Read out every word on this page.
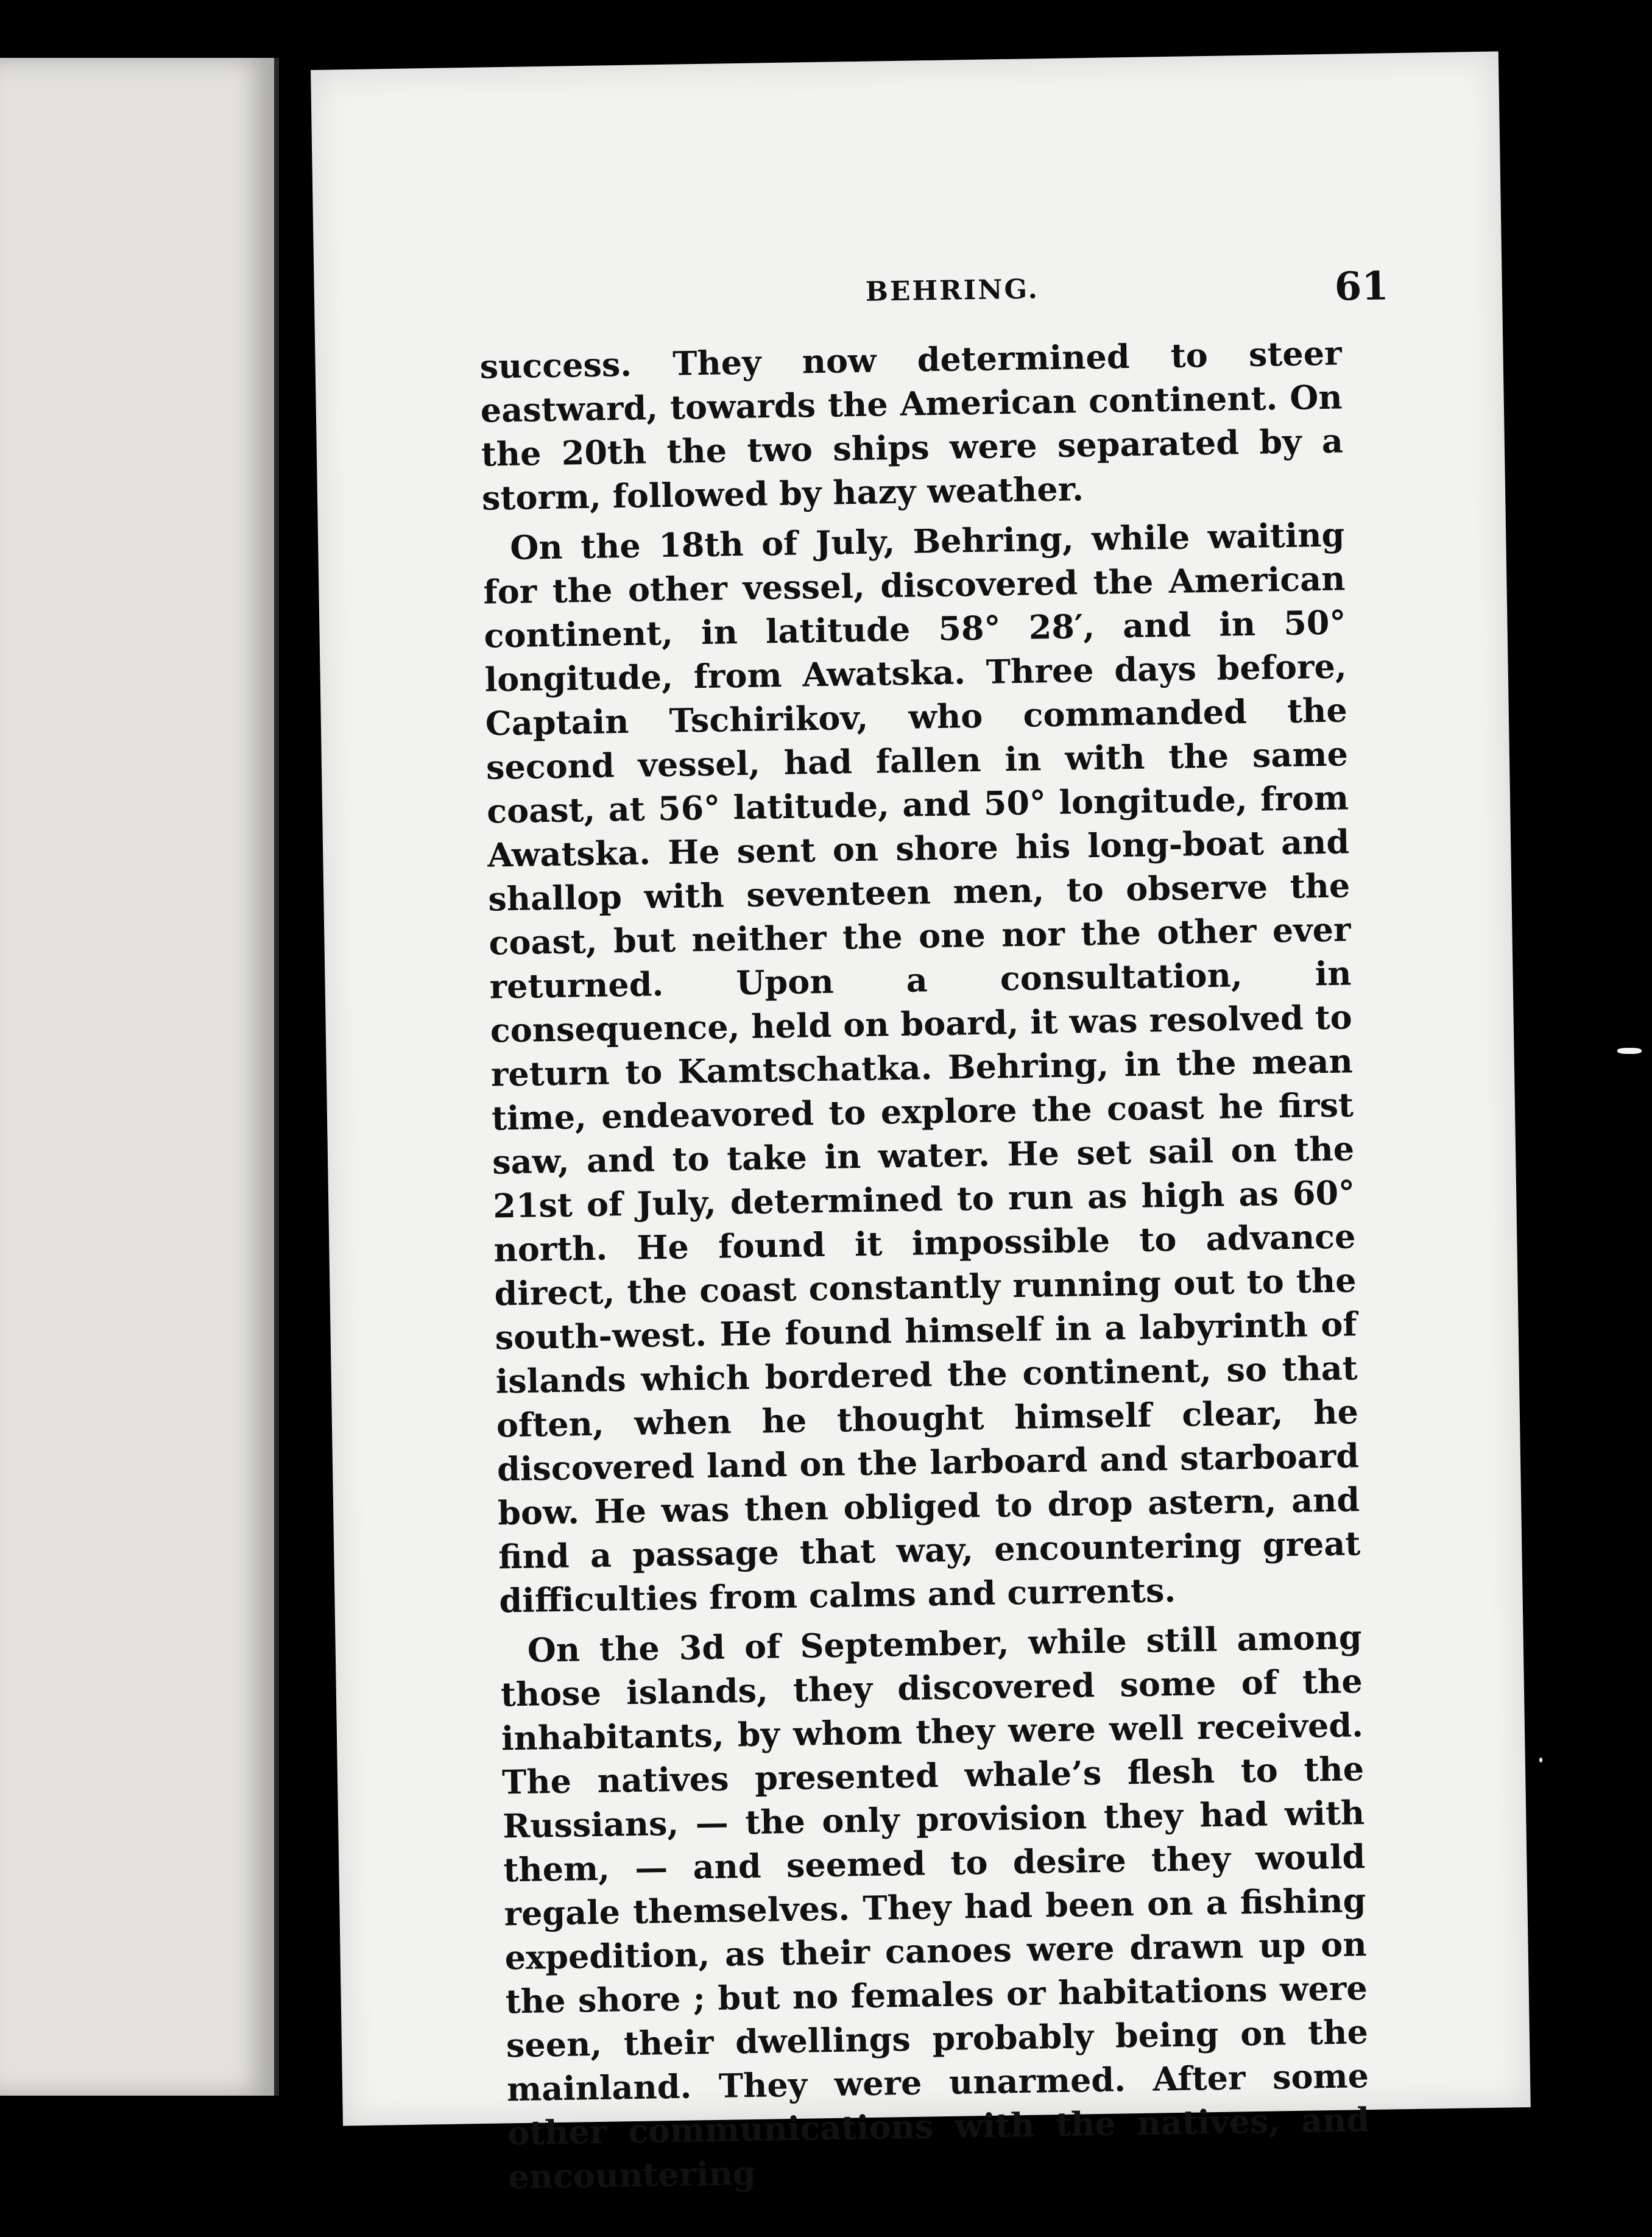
BEHRING.	61

success. They now determined to steer eastward, towards the American continent. On the 20th the two ships were separated by a storm, followed by hazy weather.

On the 18th of July, Behring, while waiting for the other vessel, discovered the American continent, in latitude 58° 28′, and in 50° longitude, from Awatska. Three days before, Captain Tschirikov, who commanded the second vessel, had fallen in with the same coast, at 56° latitude, and 50° longitude, from Awatska. He sent on shore his long-boat and shallop with seventeen men, to observe the coast, but neither the one nor the other ever returned. Upon a consultation, in consequence, held on board, it was resolved to return to Kamtschatka. Behring, in the mean time, endeavored to explore the coast he first saw, and to take in water. He set sail on the 21st of July, determined to run as high as 60° north. He found it impossible to advance direct, the coast constantly running out to the south-west. He found himself in a labyrinth of islands which bordered the continent, so that often, when he thought himself clear, he discovered land on the larboard and starboard bow. He was then obliged to drop astern, and find a passage that way, encountering great difficulties from calms and currents.

On the 3d of September, while still among those islands, they discovered some of the inhabitants, by whom they were well received. The natives presented whale’s flesh to the Russians, — the only provision they had with them, — and seemed to desire they would regale themselves. They had been on a fishing expedition, as their canoes were drawn up on the shore ; but no females or habitations were seen, their dwellings probably being on the mainland. They were unarmed. After some other communications with the natives, and encountering
